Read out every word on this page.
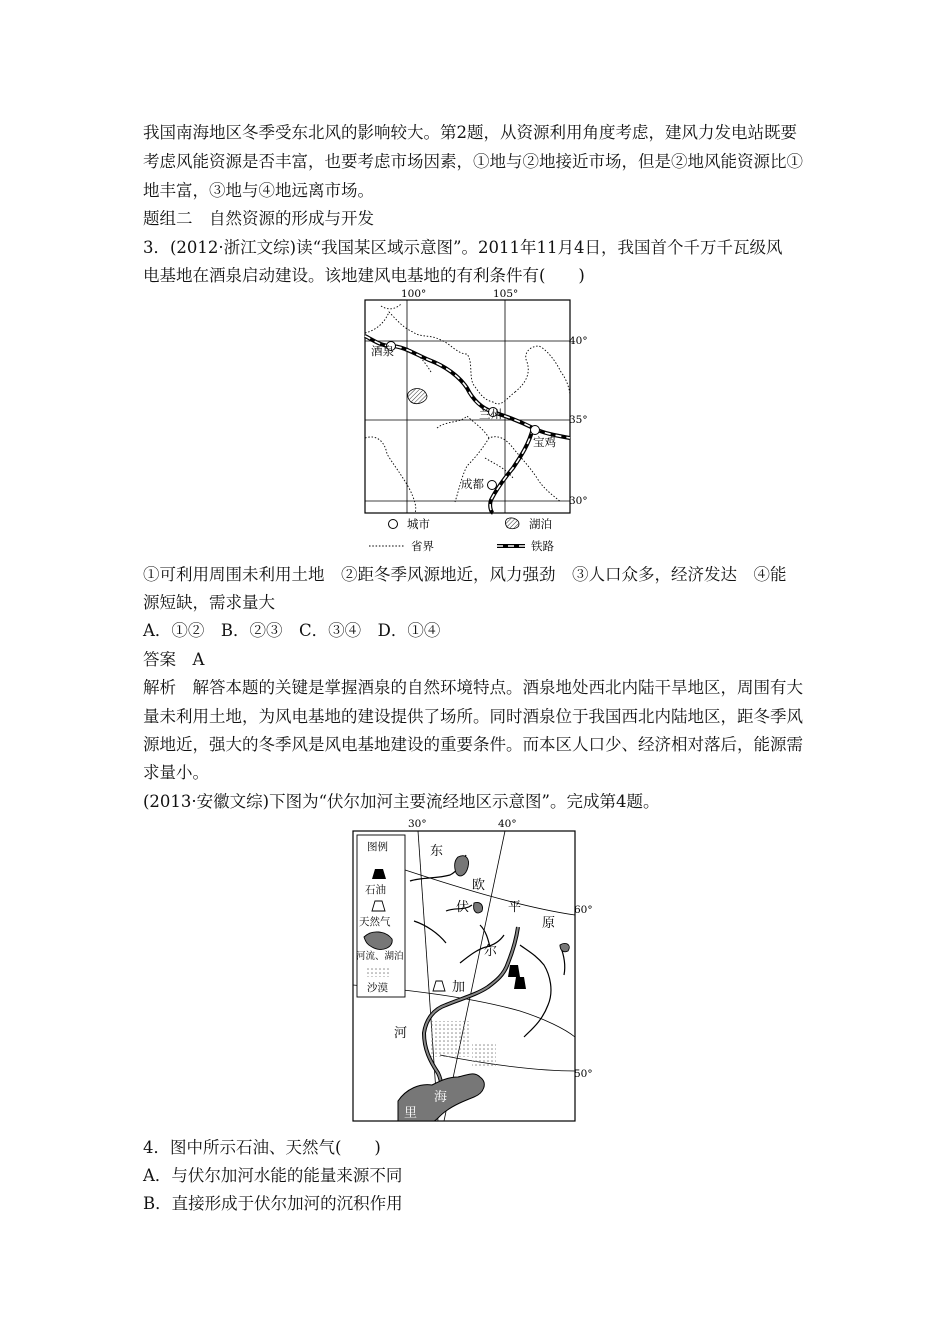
我国南海地区冬季受东北风的影响较大。第2题，从资源利用角度考虑，建风力发电站既要
考虑风能资源是否丰富，也要考虑市场因素，①地与②地接近市场，但是②地风能资源比①
地丰富，③地与④地远离市场。
题组二　自然资源的形成与开发
3．(2012·浙江文综)读“我国某区域示意图”。2011年11月4日，我国首个千万千瓦级风
电基地在酒泉启动建设。该地建风电基地的有利条件有(　　)
酒泉
兰州
宝鸡
成都
100°	105°
40°
35°
30°
城市	湖泊
省界	铁路
①可利用周围未利用土地　②距冬季风源地近，风力强劲　③人口众多，经济发达　④能
源短缺，需求量大
A．①②　B．②③　C．③④　D．①④
答案　A
解析　解答本题的关键是掌握酒泉的自然环境特点。酒泉地处西北内陆干旱地区，周围有大
量未利用土地，为风电基地的建设提供了场所。同时酒泉位于我国西北内陆地区，距冬季风
源地近，强大的冬季风是风电基地建设的重要条件。而本区人口少、经济相对落后，能源需
求量小。
(2013·安徽文综)下图为“伏尔加河主要流经地区示意图”。完成第4题。
图例
石油
天然气
河流、湖泊
沙漠
30°	40°
60°
50°
东
欧
平
原
伏
尔
加
河
里
海
4．图中所示石油、天然气(　　)
A．与伏尔加河水能的能量来源不同
B．直接形成于伏尔加河的沉积作用
